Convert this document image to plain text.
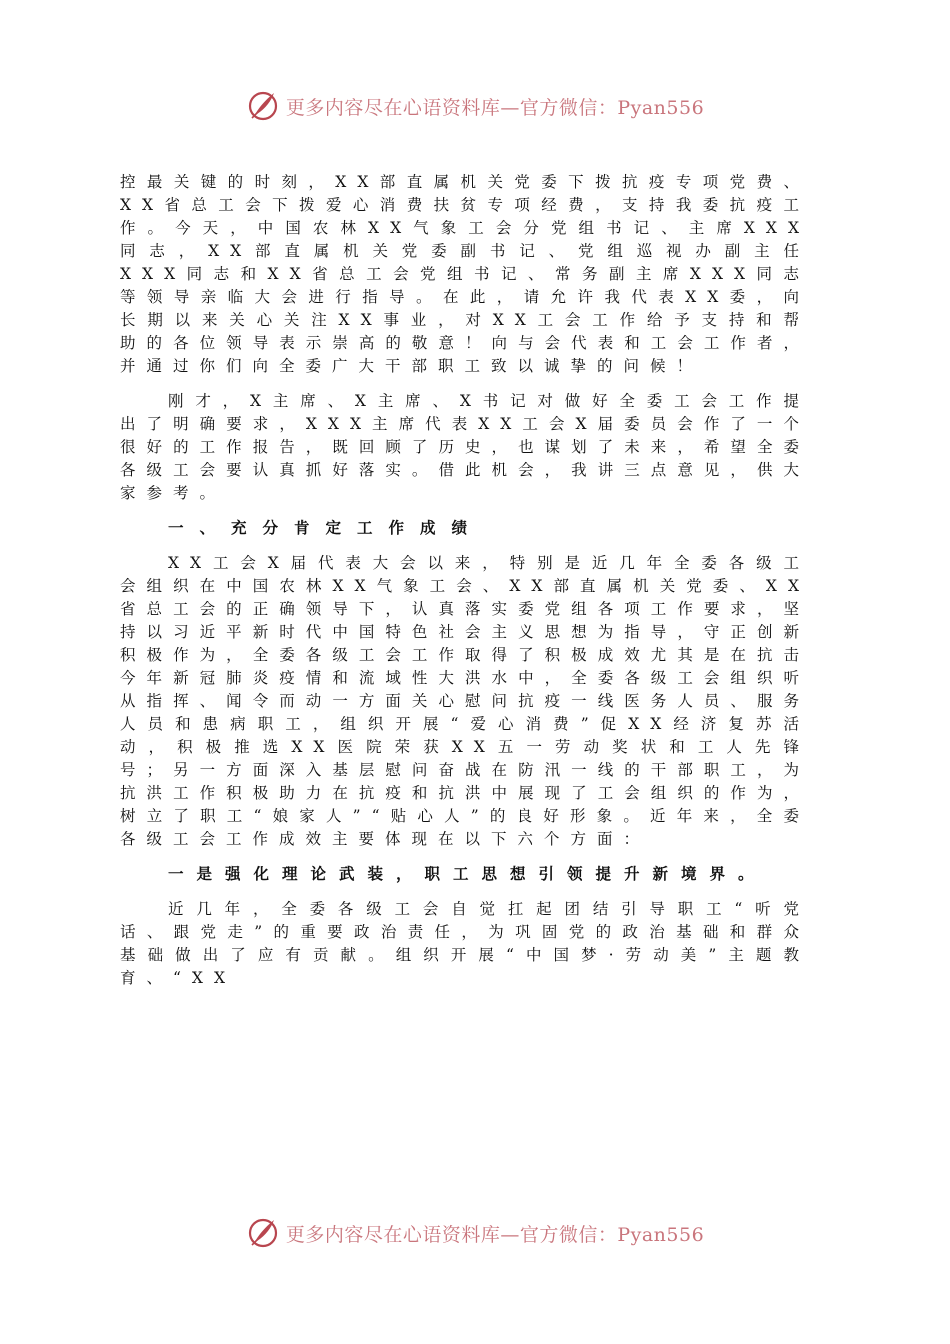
更多内容尽在心语资料库—官方微信：Pyan556

控最关键的时刻，XX部直属机关党委下拨抗疫专项党费、XX省总工会下拨爱心消费扶贫专项经费，支持我委抗疫工作。今天，中国农林XX气象工会分党组书记、主席XXX同志，XX部直属机关党委副书记、党组巡视办副主任XXX同志和XX省总工会党组书记、常务副主席XXX同志等领导亲临大会进行指导。在此，请允许我代表XX委，向长期以来关心关注XX事业，对XX工会工作给予支持和帮助的各位领导表示崇高的敬意！向与会代表和工会工作者，并通过你们向全委广大干部职工致以诚挚的问候！

刚才，X主席、X主席、X书记对做好全委工会工作提出了明确要求，XXX主席代表XX工会X届委员会作了一个很好的工作报告，既回顾了历史，也谋划了未来，希望全委各级工会要认真抓好落实。借此机会，我讲三点意见，供大家参考。

一、充分肯定工作成绩

XX工会X届代表大会以来，特别是近几年全委各级工会组织在中国农林XX气象工会、XX部直属机关党委、XX省总工会的正确领导下，认真落实委党组各项工作要求，坚持以习近平新时代中国特色社会主义思想为指导，守正创新积极作为，全委各级工会工作取得了积极成效尤其是在抗击今年新冠肺炎疫情和流域性大洪水中，全委各级工会组织听从指挥、闻令而动一方面关心慰问抗疫一线医务人员、服务人员和患病职工，组织开展“爱心消费”促XX经济复苏活动，积极推选XX医院荣获XX五一劳动奖状和工人先锋号；另一方面深入基层慰问奋战在防汛一线的干部职工，为抗洪工作积极助力在抗疫和抗洪中展现了工会组织的作为，树立了职工“娘家人”“贴心人”的良好形象。近年来，全委各级工会工作成效主要体现在以下六个方面：

一是强化理论武装，职工思想引领提升新境界。

近几年，全委各级工会自觉扛起团结引导职工“听党话、跟党走”的重要政治责任，为巩固党的政治基础和群众基础做出了应有贡献。组织开展“中国梦·劳动美”主题教育、“XX

更多内容尽在心语资料库—官方微信：Pyan556
